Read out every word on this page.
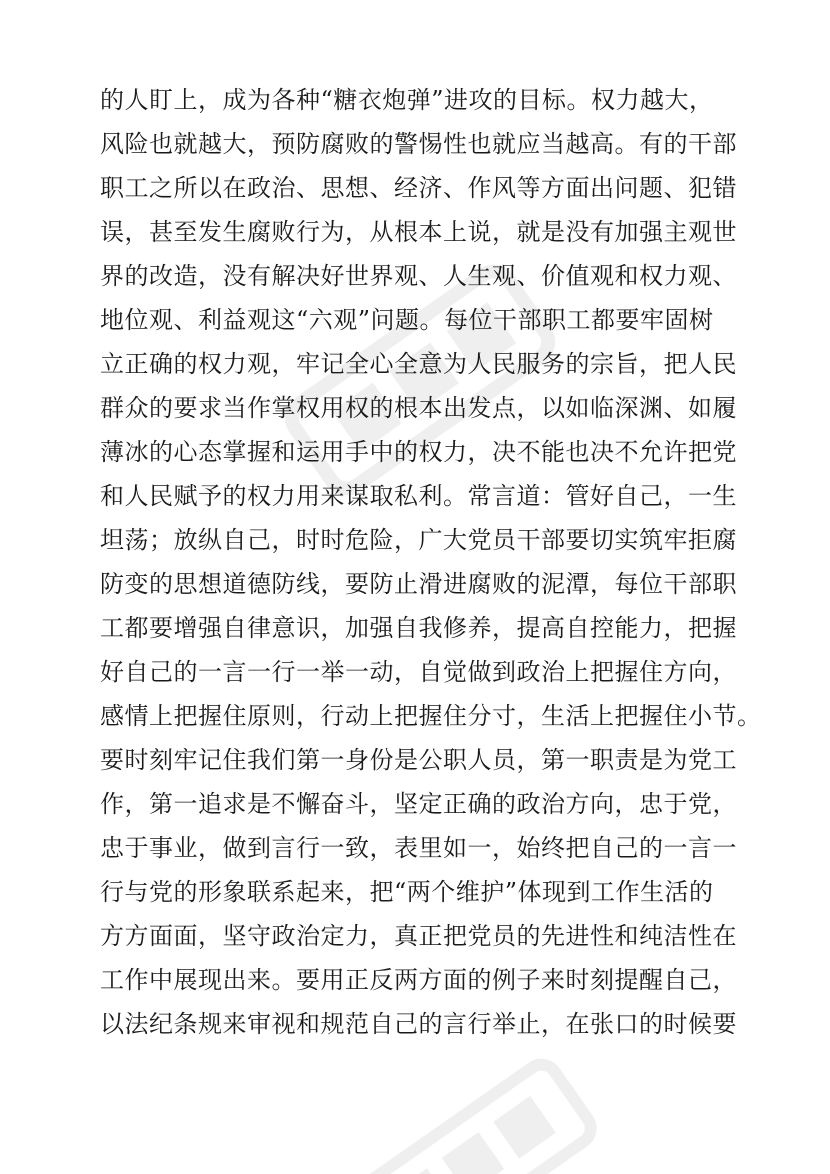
的人盯上，成为各种“糖衣炮弹”进攻的目标。权力越大，
风险也就越大，预防腐败的警惕性也就应当越高。有的干部
职工之所以在政治、思想、经济、作风等方面出问题、犯错
误，甚至发生腐败行为，从根本上说，就是没有加强主观世
界的改造，没有解决好世界观、人生观、价值观和权力观、
地位观、利益观这“六观”问题。每位干部职工都要牢固树
立正确的权力观，牢记全心全意为人民服务的宗旨，把人民
群众的要求当作掌权用权的根本出发点，以如临深渊、如履
薄冰的心态掌握和运用手中的权力，决不能也决不允许把党
和人民赋予的权力用来谋取私利。常言道：管好自己，一生
坦荡；放纵自己，时时危险，广大党员干部要切实筑牢拒腐
防变的思想道德防线，要防止滑进腐败的泥潭，每位干部职
工都要增强自律意识，加强自我修养，提高自控能力，把握
好自己的一言一行一举一动，自觉做到政治上把握住方向，
感情上把握住原则，行动上把握住分寸，生活上把握住小节。
要时刻牢记住我们第一身份是公职人员，第一职责是为党工
作，第一追求是不懈奋斗，坚定正确的政治方向，忠于党，
忠于事业，做到言行一致，表里如一，始终把自己的一言一
行与党的形象联系起来，把“两个维护”体现到工作生活的
方方面面，坚守政治定力，真正把党员的先进性和纯洁性在
工作中展现出来。要用正反两方面的例子来时刻提醒自己，
以法纪条规来审视和规范自己的言行举止，在张口的时候要
